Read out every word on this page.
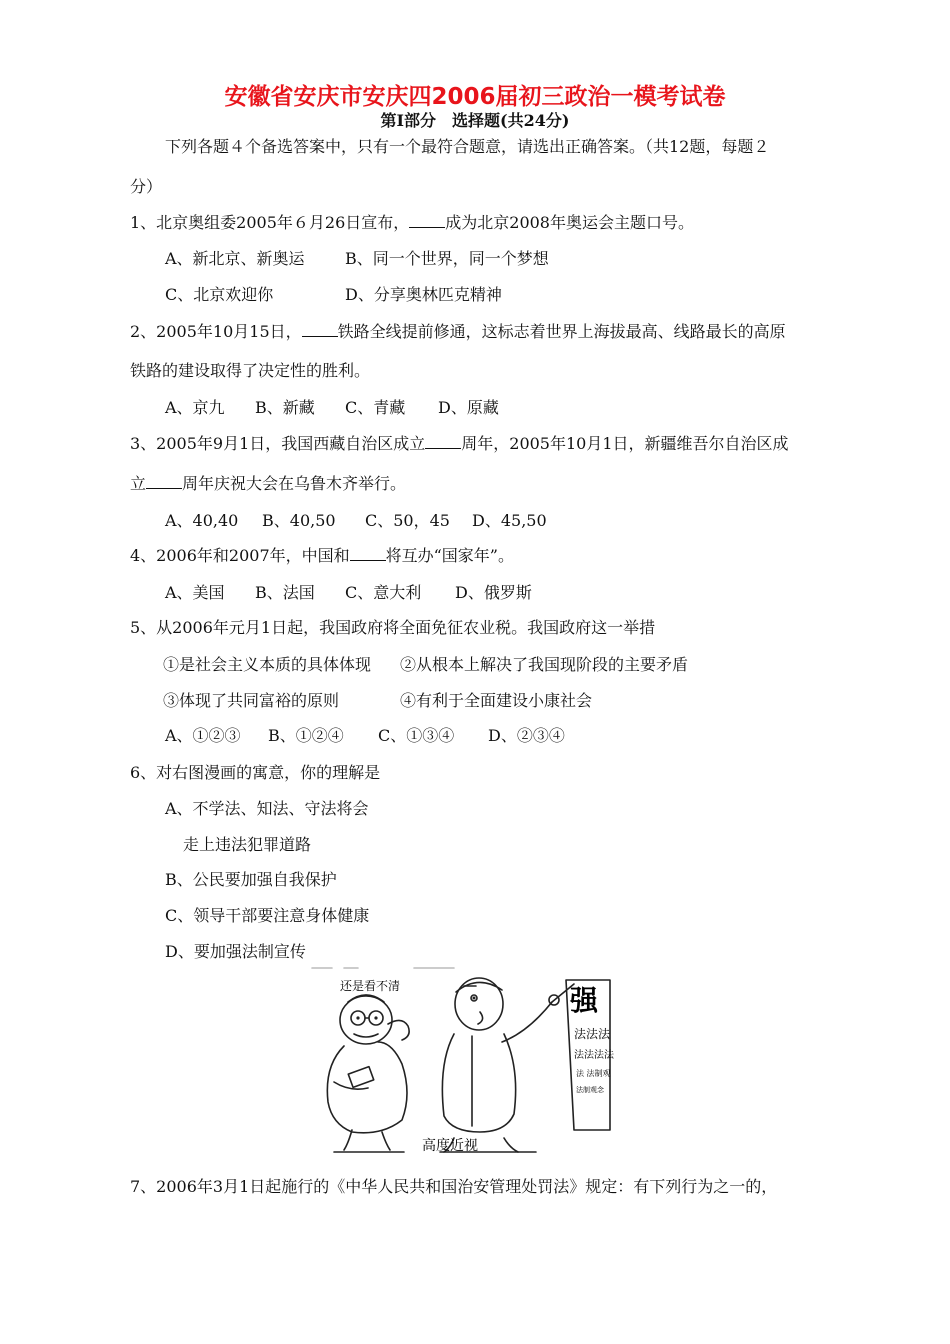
安徽省安庆市安庆四2006届初三政治一模考试卷
第Ⅰ部分　选择题(共24分)
下列各题４个备选答案中，只有一个最符合题意，请选出正确答案。（共12题，每题２
分）
1、北京奥组委2005年６月26日宣布， 成为北京2008年奥运会主题口号。
A、新北京、新奥运	B、同一个世界，同一个梦想
C、北京欢迎你	D、分享奥林匹克精神
2、2005年10月15日， 铁路全线提前修通，这标志着世界上海拔最高、线路最长的高原
铁路的建设取得了决定性的胜利。
A、京九 B、新藏 C、青藏 D、原藏
3、2005年9月1日，我国西藏自治区成立 周年，2005年10月1日，新疆维吾尔自治区成
立 周年庆祝大会在乌鲁木齐举行。
A、40,40 B、40,50 C、50，45 D、45,50
4、2006年和2007年，中国和 将互办“国家年”。
A、美国 B、法国 C、意大利 D、俄罗斯
5、从2006年元月1日起，我国政府将全面免征农业税。我国政府这一举措
①是社会主义本质的具体体现 ②从根本上解决了我国现阶段的主要矛盾
③体现了共同富裕的原则	④有利于全面建设小康社会
A、①②③ B、①②④ C、①③④ D、②③④
6、对右图漫画的寓意，你的理解是
A、不学法、知法、守法将会
走上违法犯罪道路
B、公民要加强自我保护
C、领导干部要注意身体健康
D、要加强法制宣传
还是看不清	强
法法法
法法法法
法 法制观
法制观念
高度近视
7、2006年3月1日起施行的《中华人民共和国治安管理处罚法》规定：有下列行为之一的，
